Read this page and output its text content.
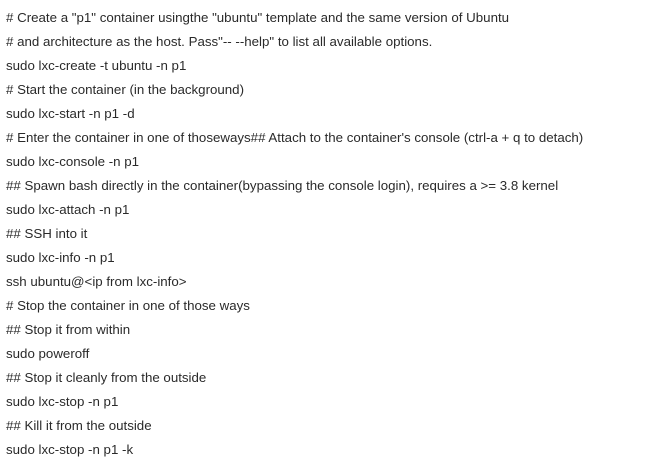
# Create a "p1" container usingthe "ubuntu" template and the same version of Ubuntu
# and architecture as the host. Pass"-- --help" to list all available options.
sudo lxc-create -t ubuntu -n p1
# Start the container (in the background)
sudo lxc-start -n p1 -d
# Enter the container in one of thoseways## Attach to the container's console (ctrl-a + q to detach)
sudo lxc-console -n p1
## Spawn bash directly in the container(bypassing the console login), requires a >= 3.8 kernel
sudo lxc-attach -n p1
## SSH into it
sudo lxc-info -n p1
ssh ubuntu@<ip from lxc-info>
# Stop the container in one of those ways
## Stop it from within
sudo poweroff
## Stop it cleanly from the outside
sudo lxc-stop -n p1
## Kill it from the outside
sudo lxc-stop -n p1 -k
